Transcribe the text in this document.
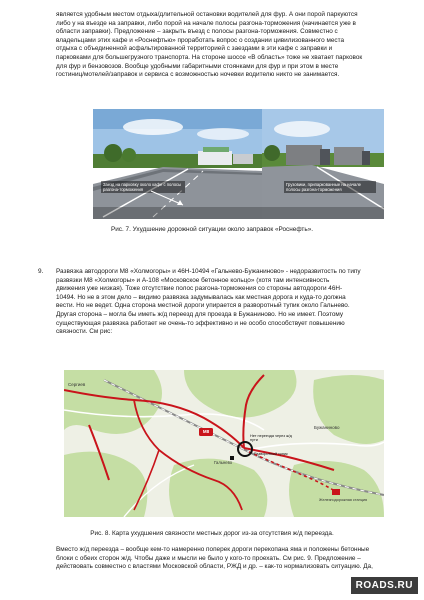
является удобным местом отдыха/длительной остановки водителей для фур. А они порой паркуются
либо у на въезде на заправки, либо порой на начале полосы разгона-торможения (начинается уже в
области заправки). Предложение – закрыть въезд с полосы разгона-торможения. Совместно с
владельцами этих кафе и «Роснефтью» проработать вопрос о создании цивилизованного места
отдыха с объединенной асфальтированной территорией с заездами в эти кафе с заправки и
парковками для большегрузного транспорта. На стороне шоссе «В область» тоже не хватает парковок
для фур и бензовозов. Вообще удобными габаритными стоянками для фур и при этом в месте
гостиниц/мотелей/заправок и сервиса с возможностью ночевки водителю никто не занимается.
Заезд на парковку около кафе с полосы разгона-торможения
Грузовики, припаркованные на начале полосы разгона-торможения
Рис. 7. Ухудшение дорожной ситуации около заправок «Роснефть».
9. Развязка автодороги М8 «Холмогоры» и 46Н-10494 «Гальнево-Бужаниново» - недоразвитость по типу
развязки М8 «Холмогоры» и А-108 «Московское бетонное кольцо» (хотя там интенсивность
движения уже низкая). Тоже отсутствие полос разгона-торможения со стороны автодороги 46Н-
10494. Но не в этом дело – видимо развязка задумывалась как местная дорога и куда-то должна
вести. Но не ведет. Одна сторона местной дороги упирается в разворотный тупик около Гальнево.
Другая сторона – могла бы иметь ж/д переезд для проезда в Бужаниново. Но не имеет. Поэтому
существующая развязка работает не очень-то эффективно и не особо способствует повышению
связности. См рис:
Сергиев
Нет переезда через ж/д пути
Разворотный тупик
Гальнево
Железнодорожная станция
Бужаниново
M8
Рис. 8. Карта ухудшения связности местных дорог из-за отсутствия ж/д переезда.
Вместо ж/д переезда – вообще кем-то намеренно поперек дороги перекопана яма и положены бетонные
блоки с обеих сторон ж/д. Чтобы даже и мысли не было у кого-то проехать. См рис. 9. Предложение –
действовать совместно с властями Московской области, РЖД и др. – как-то нормализовать ситуацию. Да,
ROADS.RU
